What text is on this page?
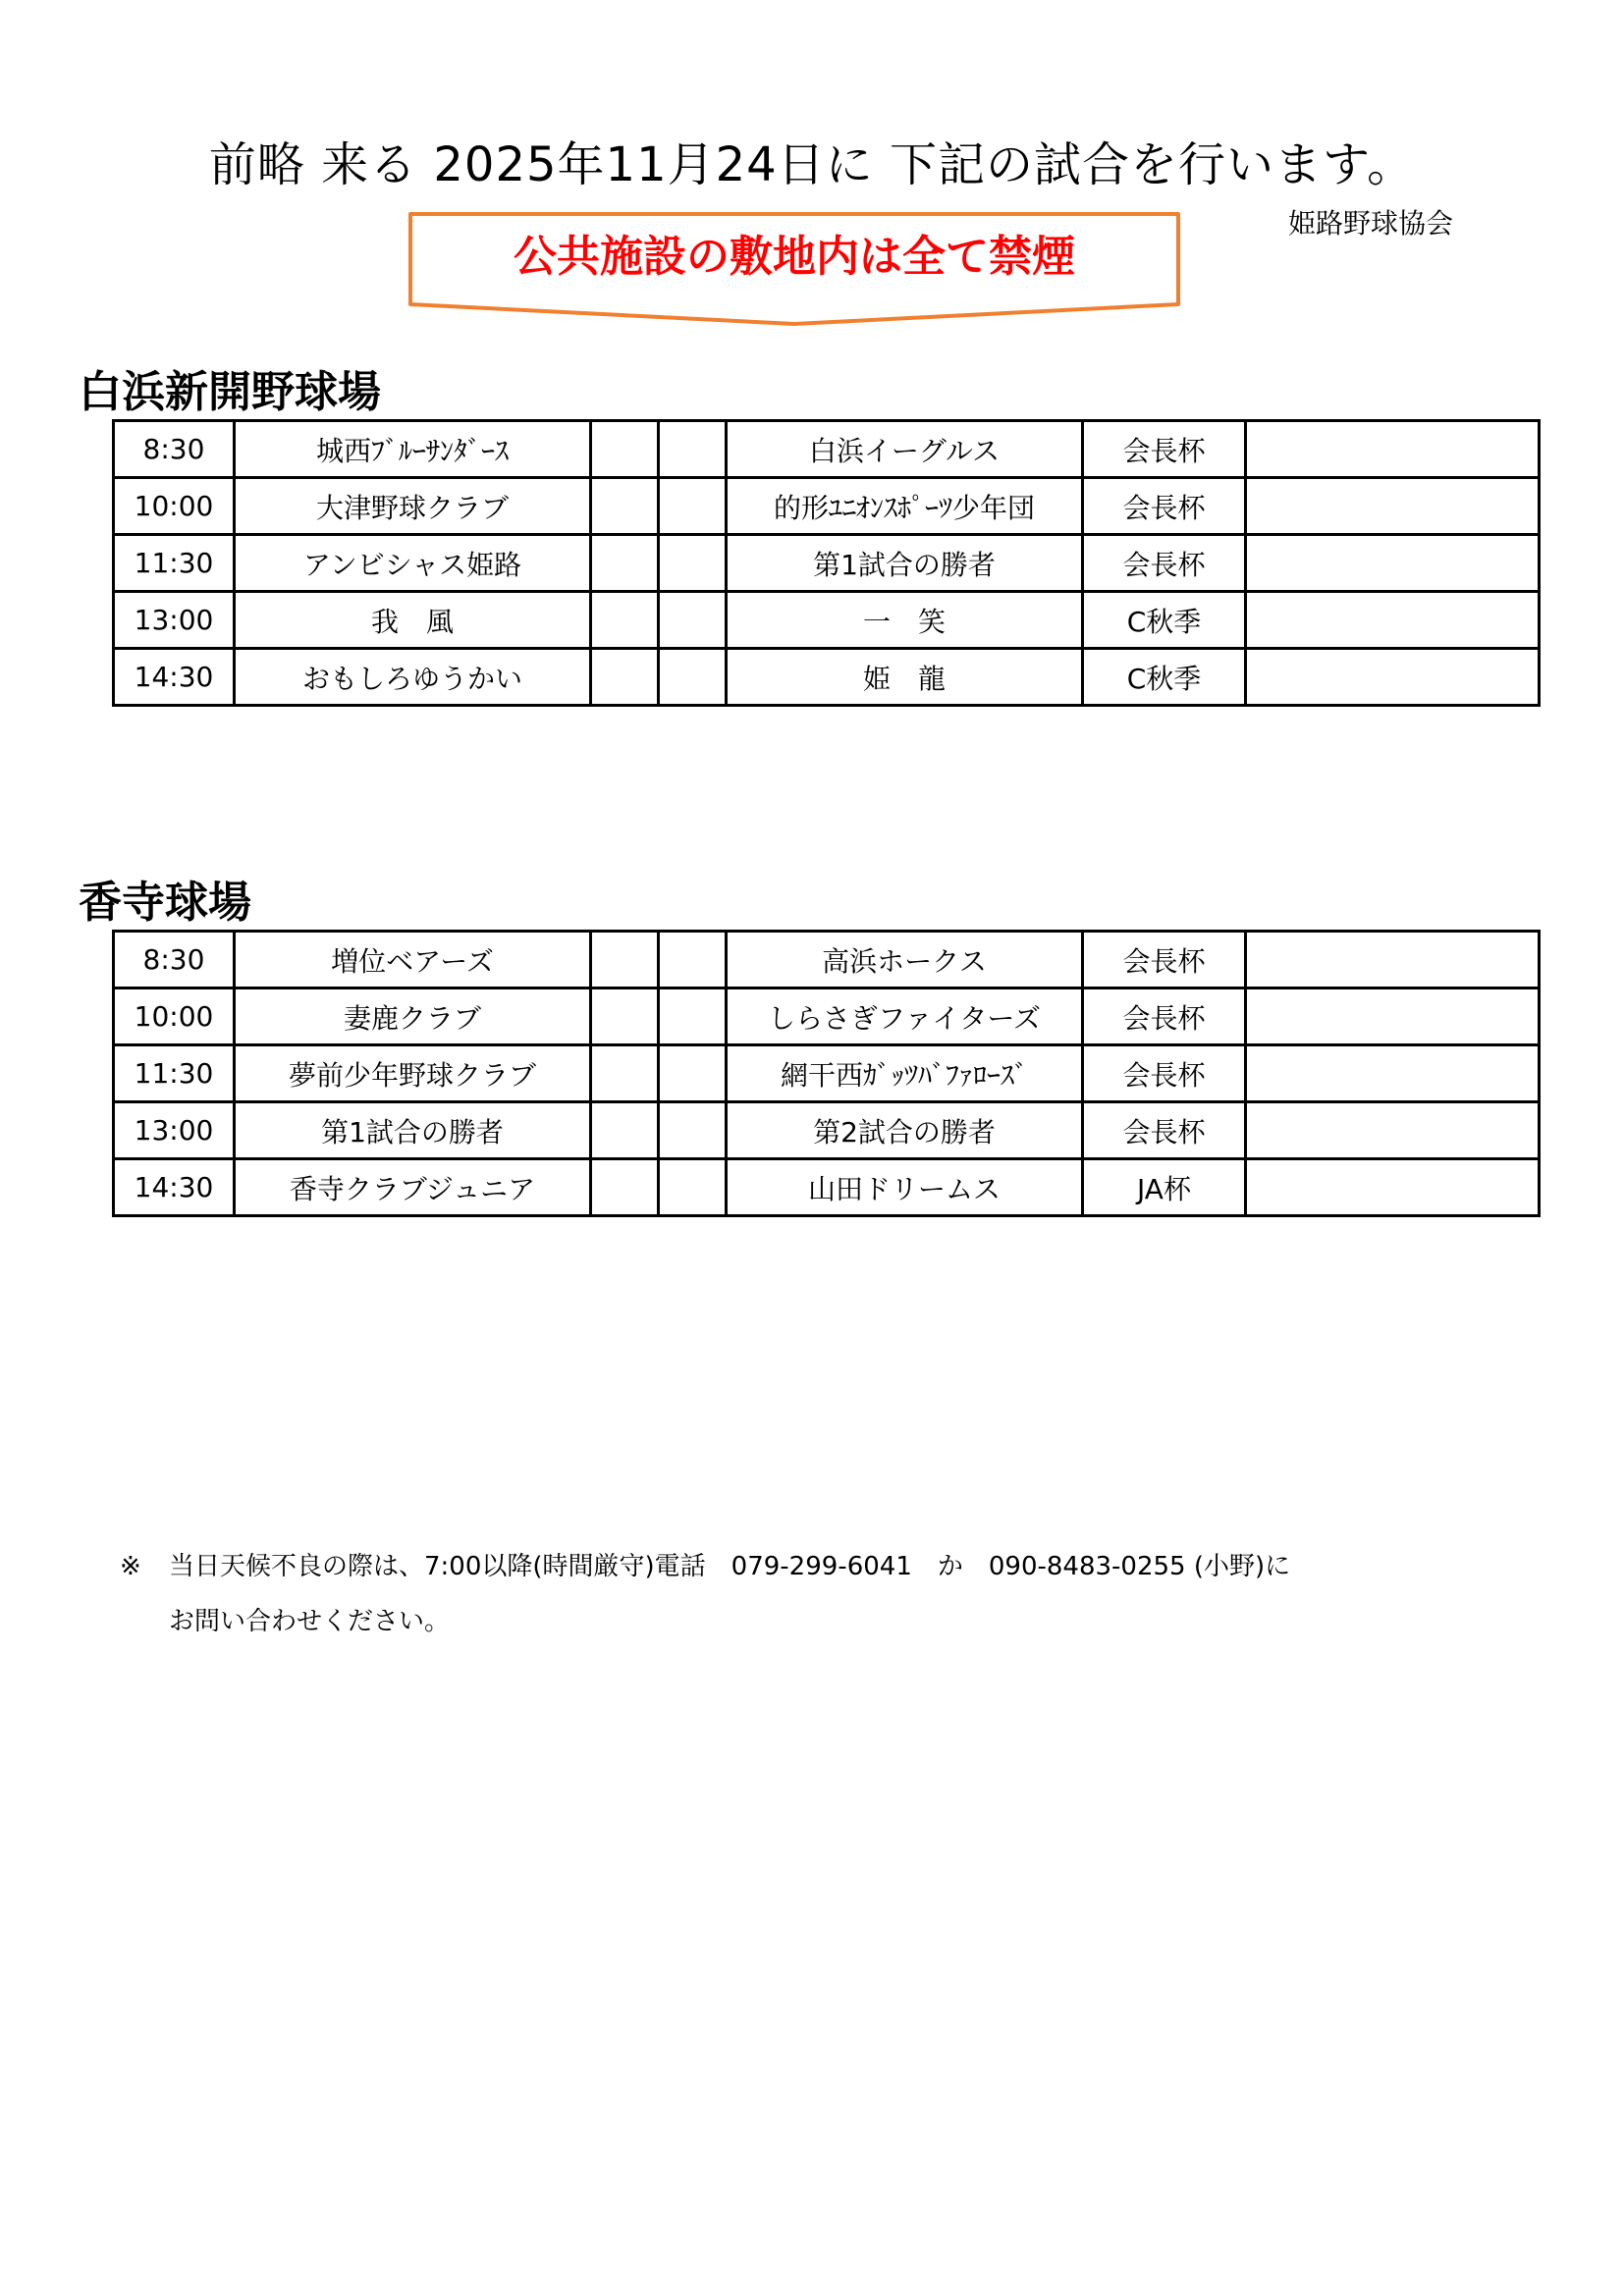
前略 来る 2025年11月24日に 下記の試合を行います。
姫路野球協会
公共施設の敷地内は全て禁煙
白浜新開野球場
8:30	城西ﾌﾞﾙｰｻﾝﾀﾞｰｽ			白浜イーグルス	会長杯	
10:00	大津野球クラブ			的形ﾕﾆｵﾝｽﾎﾟｰﾂ少年団	会長杯	
11:30	アンビシャス姫路			第1試合の勝者	会長杯	
13:00	我　風			一　笑	C秋季	
14:30	おもしろゆうかい			姫　龍	C秋季	
香寺球場
8:30	増位ベアーズ			高浜ホークス	会長杯	
10:00	妻鹿クラブ			しらさぎファイターズ	会長杯	
11:30	夢前少年野球クラブ			網干西ｶﾞｯﾂﾊﾞﾌｧﾛｰｽﾞ	会長杯	
13:00	第1試合の勝者			第2試合の勝者	会長杯	
14:30	香寺クラブジュニア			山田ドリームス	JA杯	
※ 当日天候不良の際は、7:00以降(時間厳守)電話　079-299-6041　か　090-8483-0255 (小野)に
お問い合わせください。
